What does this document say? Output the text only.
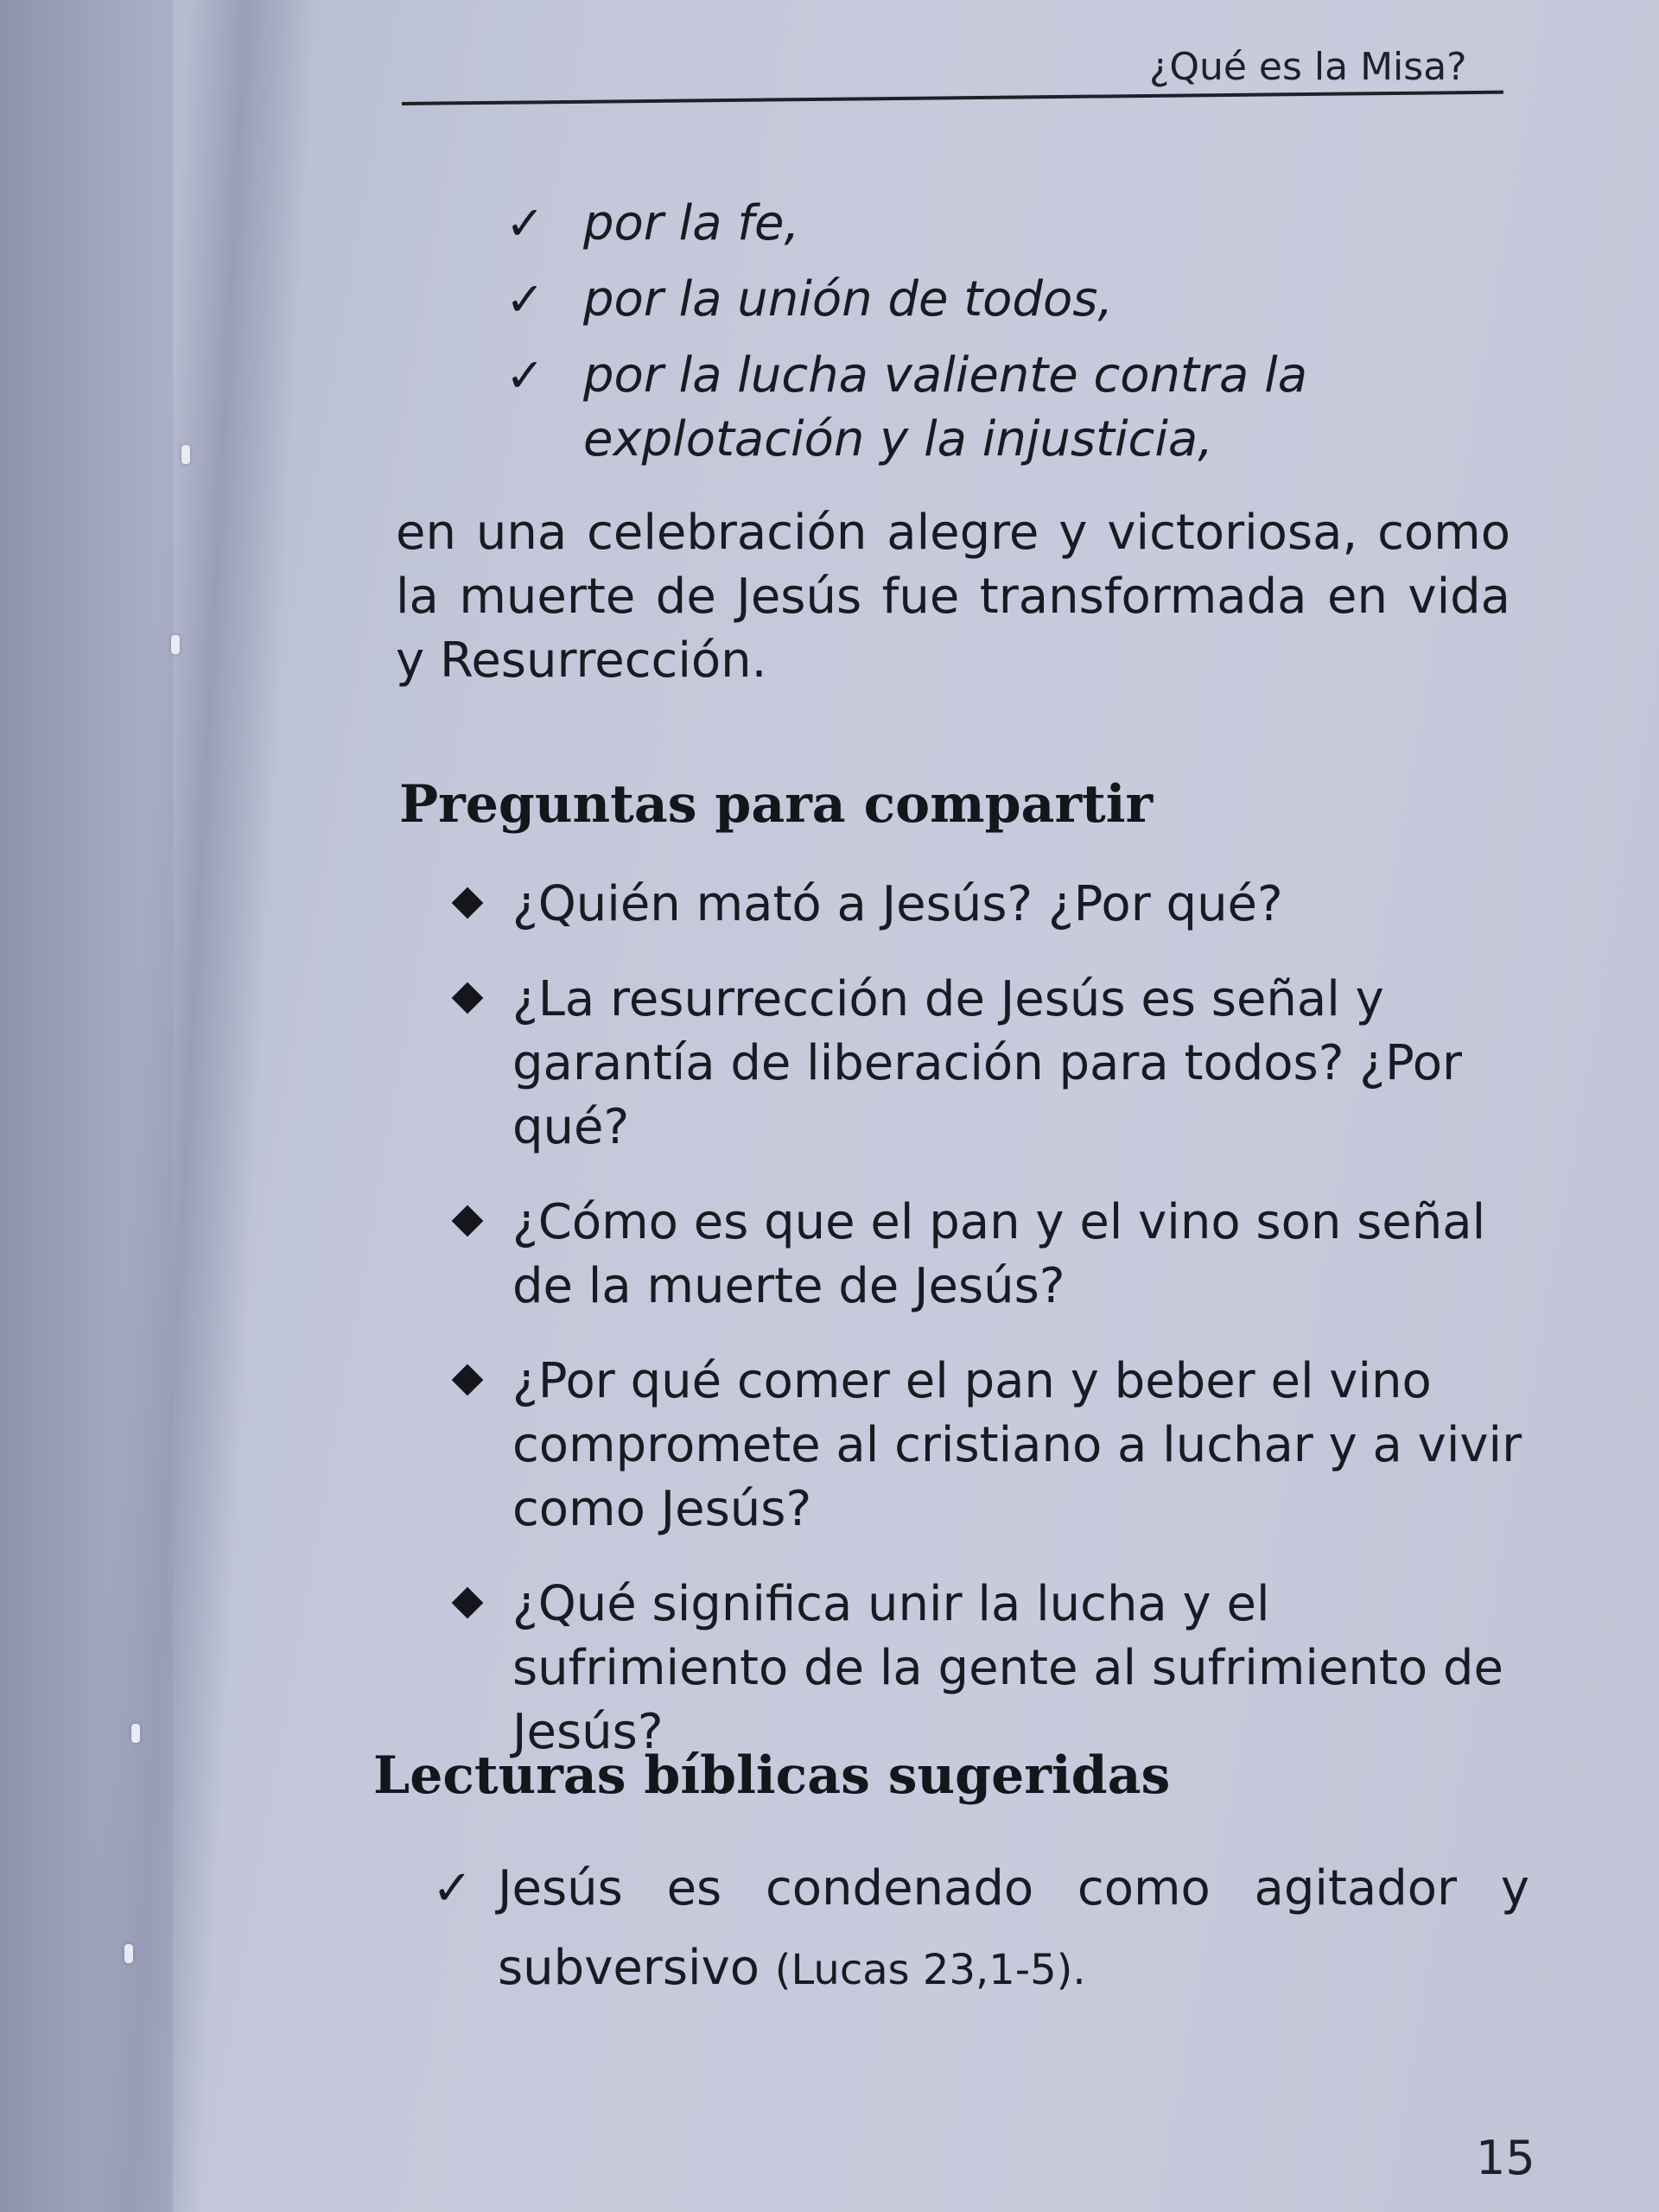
¿Qué es la Misa?
✓ por la fe,
✓ por la unión de todos,
✓ por la lucha valiente contra la explotación y la injusticia,
en una celebración alegre y victoriosa, como la muerte de Jesús fue transformada en vida y Resurrección.
Preguntas para compartir
¿Quién mató a Jesús? ¿Por qué?
¿La resurrección de Jesús es señal y garantía de liberación para todos? ¿Por qué?
¿Cómo es que el pan y el vino son señal de la muerte de Jesús?
¿Por qué comer el pan y beber el vino compromete al cristiano a luchar y a vivir como Jesús?
¿Qué significa unir la lucha y el sufrimiento de la gente al sufrimiento de Jesús?
Lecturas bíblicas sugeridas
✓ Jesús es condenado como agitador y subversivo (Lucas 23,1-5).
15
